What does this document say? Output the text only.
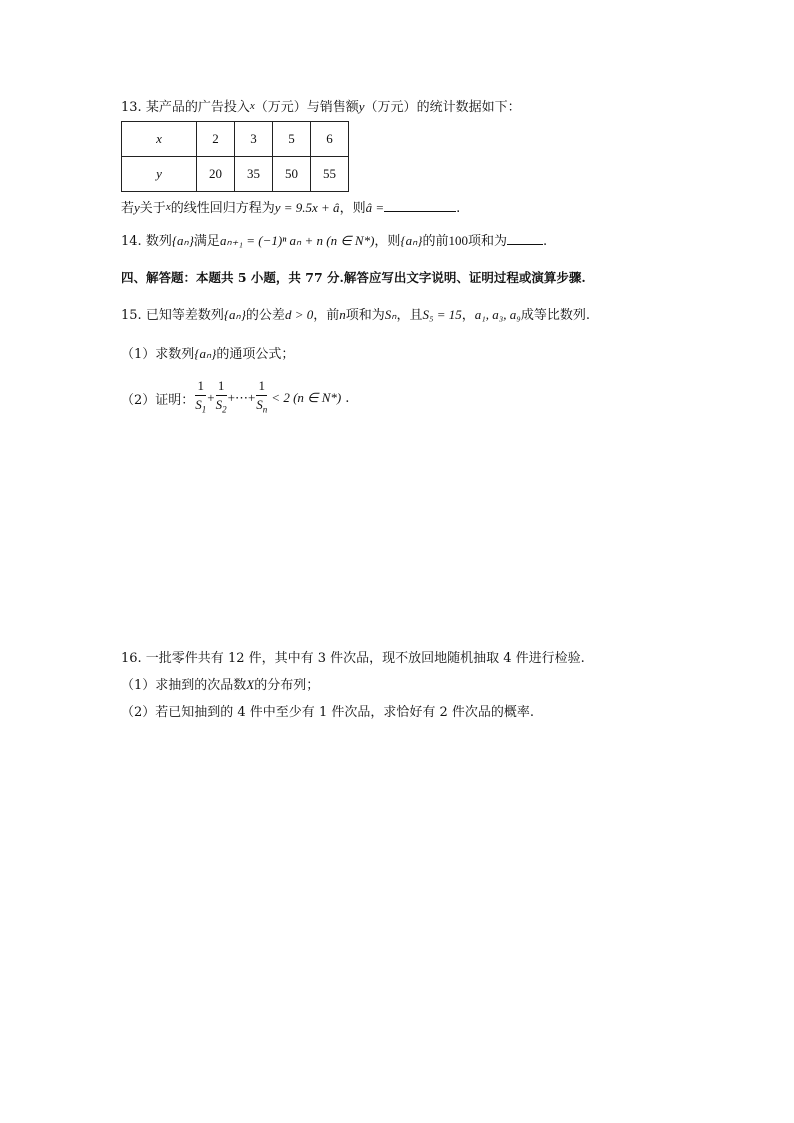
13. 某产品的广告投入x（万元）与销售额y（万元）的统计数据如下：
x	2	3	5	6
y	20	35	50	55
若y关于x的线性回归方程为y = 9.5x + â，则â =	.
14. 数列{aₙ}满足aₙ₊₁ = (−1)ⁿ aₙ + n (n ∈ N*)，则{aₙ}的前100项和为	.
四、解答题：本题共 5 小题，共 77 分.解答应写出文字说明、证明过程或演算步骤.
15. 已知等差数列{aₙ}的公差d > 0，前n项和为Sₙ，且S₅ = 15，a₁, a₃, a₉成等比数列.
（1）求数列{aₙ}的通项公式；
（2）证明： $\frac{1}{S_1} + \frac{1}{S_2}$ +⋯+ $\frac{1}{S_n} < 2$ (n ∈ N*) .
16. 一批零件共有 12 件，其中有 3 件次品，现不放回地随机抽取 4 件进行检验.
（1）求抽到的次品数X的分布列；
（2）若已知抽到的 4 件中至少有 1 件次品，求恰好有 2 件次品的概率.
